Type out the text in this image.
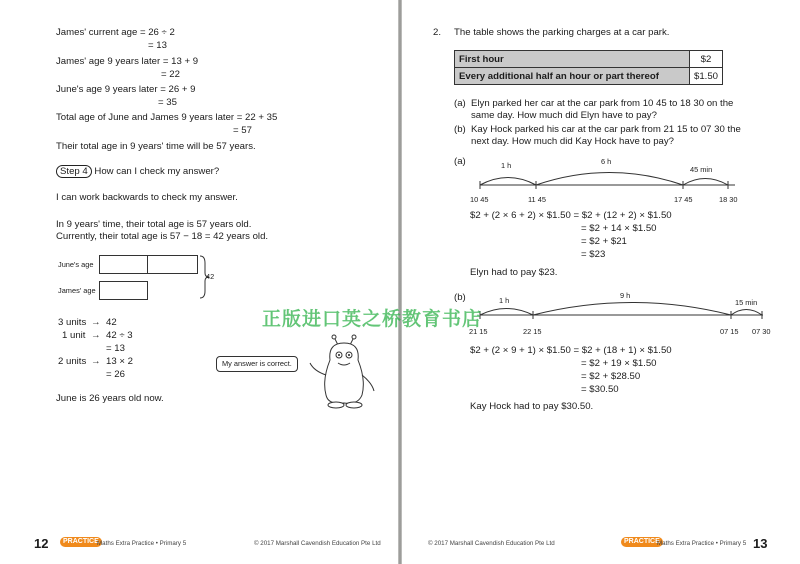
James' current age = 26 ÷ 2
= 13
James' age 9 years later = 13 + 9
= 22
June's age 9 years later = 26 + 9
= 35
Total age of June and James 9 years later = 22 + 35
= 57
Their total age in 9 years' time will be 57 years.
Step 4 How can I check my answer?
I can work backwards to check my answer.
In 9 years' time, their total age is 57 years old.
Currently, their total age is 57 − 18 = 42 years old.
June's age
James' age
42
3 units → 42
1 unit → 42 ÷ 3
= 13
2 units → 13 × 2
= 26
My answer is correct.
June is 26 years old now.
12	PRACTICE
Maths Extra Practice • Primary 5	© 2017 Marshall Cavendish Education Pte Ltd
2. The table shows the parking charges at a car park.
First hour	$2
Every additional half an hour or part thereof	$1.50
(a) Elyn parked her car at the car park from 10 45 to 18 30 on the
same day. How much did Elyn have to pay?
(b) Kay Hock parked his car at the car park from 21 15 to 07 30 the
next day. How much did Kay Hock have to pay?
(a)	1 h	6 h
45 min
10 45	11 45	17 45	18 30
$2 + (2 × 6 + 2) × $1.50 = $2 + (12 + 2) × $1.50
= $2 + 14 × $1.50
= $2 + $21
= $23
Elyn had to pay $23.
(b)	1 h
9 h
15 min
21 15	22 15	07 15 07 30
$2 + (2 × 9 + 1) × $1.50 = $2 + (18 + 1) × $1.50
= $2 + 19 × $1.50
= $2 + $28.50
= $30.50
Kay Hock had to pay $30.50.
© 2017 Marshall Cavendish Education Pte Ltd	PRACTICE
Maths Extra Practice • Primary 5 13
正版进口英之桥教育书店
